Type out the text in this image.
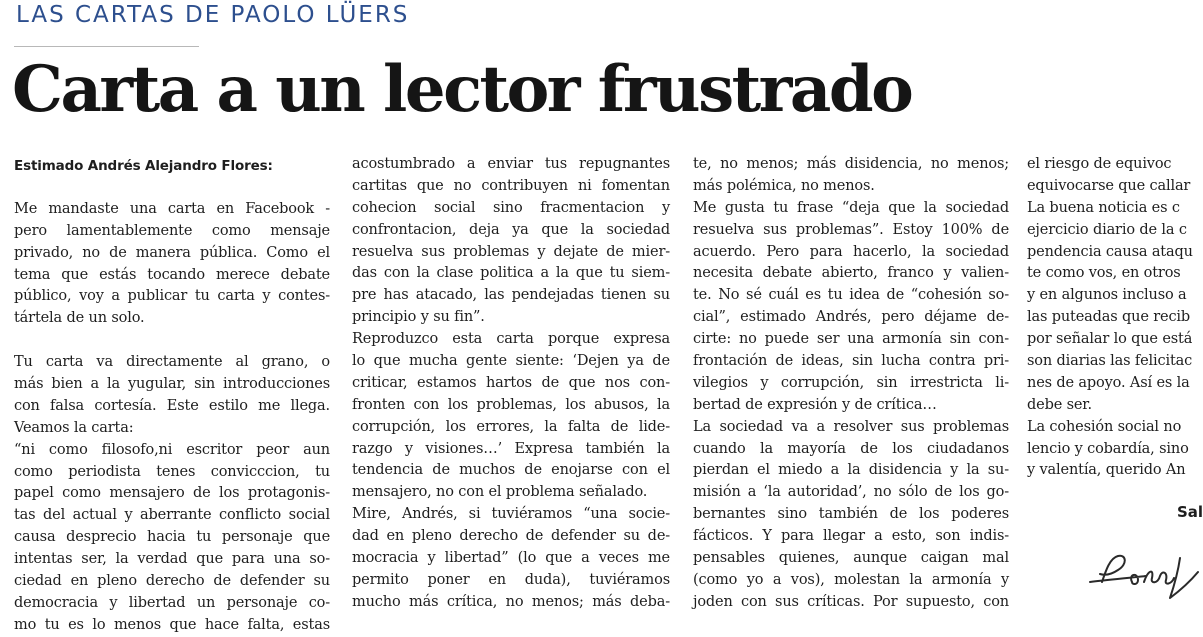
LAS CARTAS DE PAOLO LÜERS
Carta a un lector frustrado
Estimado Andrés Alejandro Flores:
Me mandaste una carta en Facebook -
pero lamentablemente como mensaje
privado, no de manera pública. Como el
tema que estás tocando merece debate
público, voy a publicar tu carta y contes-
tártela de un solo.
Tu carta va directamente al grano, o
más bien a la yugular, sin introducciones
con falsa cortesía. Este estilo me llega.
Veamos la carta:
“ni como filosofo,ni escritor peor aun
como periodista tenes convicccion, tu
papel como mensajero de los protagonis-
tas del actual y aberrante conflicto social
causa desprecio hacia tu personaje que
intentas ser, la verdad que para una so-
ciedad en pleno derecho de defender su
democracia y libertad un personaje co-
mo tu es lo menos que hace falta, estas
acostumbrado a enviar tus repugnantes
cartitas que no contribuyen ni fomentan
cohecion social sino fracmentacion y
confrontacion, deja ya que la sociedad
resuelva sus problemas y dejate de mier-
das con la clase politica a la que tu siem-
pre has atacado, las pendejadas tienen su
principio y su fin”.
Reproduzco esta carta porque expresa
lo que mucha gente siente: ‘Dejen ya de
criticar, estamos hartos de que nos con-
fronten con los problemas, los abusos, la
corrupción, los errores, la falta de lide-
razgo y visiones…’ Expresa también la
tendencia de muchos de enojarse con el
mensajero, no con el problema señalado.
Mire, Andrés, si tuviéramos “una socie-
dad en pleno derecho de defender su de-
mocracia y libertad” (lo que a veces me
permito poner en duda), tuviéramos
mucho más crítica, no menos; más deba-
te, no menos; más disidencia, no menos;
más polémica, no menos.
Me gusta tu frase “deja que la sociedad
resuelva sus problemas”. Estoy 100% de
acuerdo. Pero para hacerlo, la sociedad
necesita debate abierto, franco y valien-
te. No sé cuál es tu idea de “cohesión so-
cial”, estimado Andrés, pero déjame de-
cirte: no puede ser una armonía sin con-
frontación de ideas, sin lucha contra pri-
vilegios y corrupción, sin irrestricta li-
bertad de expresión y de crítica…
La sociedad va a resolver sus problemas
cuando la mayoría de los ciudadanos
pierdan el miedo a la disidencia y la su-
misión a ‘la autoridad’, no sólo de los go-
bernantes sino también de los poderes
fácticos. Y para llegar a esto, son indis-
pensables quienes, aunque caigan mal
(como yo a vos), molestan la armonía y
joden con sus críticas. Por supuesto, con
el riesgo de equivoc
equivocarse que callar
La buena noticia es c
ejercicio diario de la c
pendencia causa ataqu
te como vos, en otros
y en algunos incluso a
las puteadas que recib
por señalar lo que está
son diarias las felicitac
nes de apoyo. Así es la
debe ser.
La cohesión social no
lencio y cobardía, sino
y valentía, querido An
Sal
